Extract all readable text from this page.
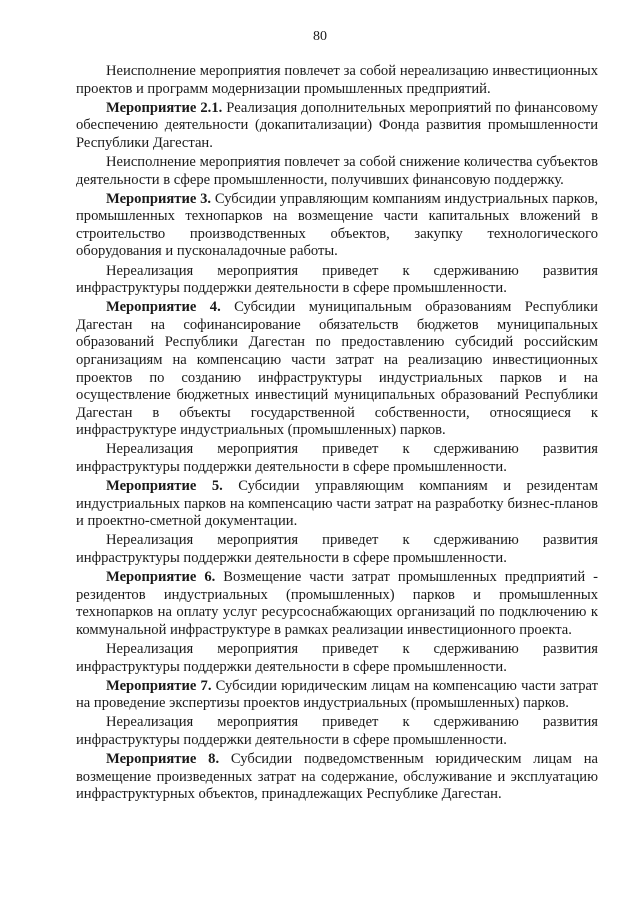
80

Неисполнение мероприятия повлечет за собой нереализацию инвестиционных проектов и программ модернизации промышленных предприятий.

Мероприятие 2.1. Реализация дополнительных мероприятий по финансовому обеспечению деятельности (докапитализации) Фонда развития промышленности Республики Дагестан.

Неисполнение мероприятия повлечет за собой снижение количества субъектов деятельности в сфере промышленности, получивших финансовую поддержку.

Мероприятие 3. Субсидии управляющим компаниям индустриальных парков, промышленных технопарков на возмещение части капитальных вложений в строительство производственных объектов, закупку технологического оборудования и пусконаладочные работы.

Нереализация мероприятия приведет к сдерживанию развития инфраструктуры поддержки деятельности в сфере промышленности.

Мероприятие 4. Субсидии муниципальным образованиям Республики Дагестан на софинансирование обязательств бюджетов муниципальных образований Республики Дагестан по предоставлению субсидий российским организациям на компенсацию части затрат на реализацию инвестиционных проектов по созданию инфраструктуры индустриальных парков и на осуществление бюджетных инвестиций муниципальных образований Республики Дагестан в объекты государственной собственности, относящиеся к инфраструктуре индустриальных (промышленных) парков.

Нереализация мероприятия приведет к сдерживанию развития инфраструктуры поддержки деятельности в сфере промышленности.

Мероприятие 5. Субсидии управляющим компаниям и резидентам индустриальных парков на компенсацию части затрат на разработку бизнес-планов и проектно-сметной документации.

Нереализация мероприятия приведет к сдерживанию развития инфраструктуры поддержки деятельности в сфере промышленности.

Мероприятие 6. Возмещение части затрат промышленных предприятий - резидентов индустриальных (промышленных) парков и промышленных технопарков на оплату услуг ресурсоснабжающих организаций по подключению к коммунальной инфраструктуре в рамках реализации инвестиционного проекта.

Нереализация мероприятия приведет к сдерживанию развития инфраструктуры поддержки деятельности в сфере промышленности.

Мероприятие 7. Субсидии юридическим лицам на компенсацию части затрат на проведение экспертизы проектов индустриальных (промышленных) парков.

Нереализация мероприятия приведет к сдерживанию развития инфраструктуры поддержки деятельности в сфере промышленности.

Мероприятие 8. Субсидии подведомственным юридическим лицам на возмещение произведенных затрат на содержание, обслуживание и эксплуатацию инфраструктурных объектов, принадлежащих Республике Дагестан.
